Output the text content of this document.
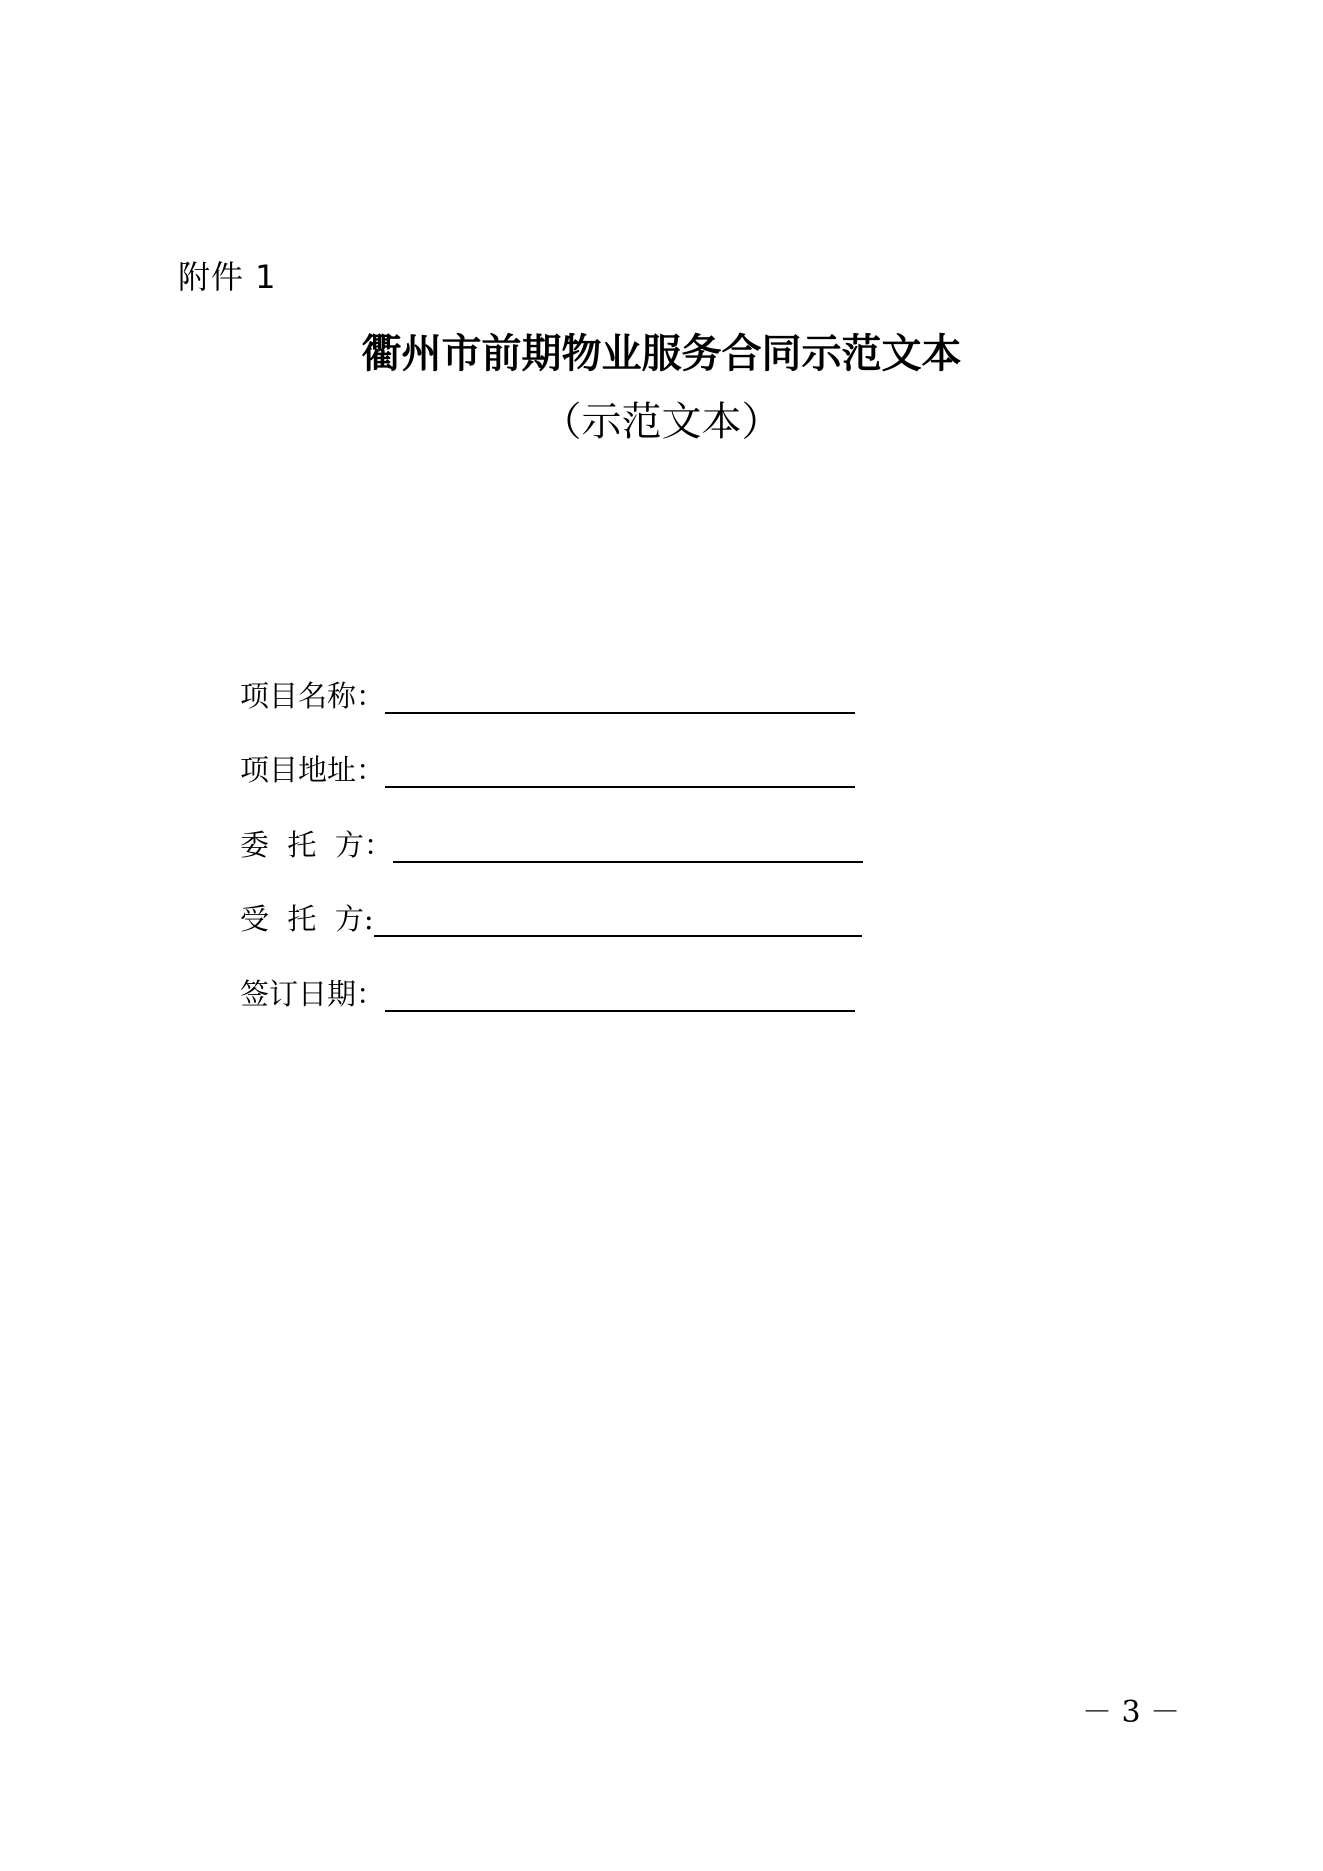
附件 1
衢州市前期物业服务合同示范文本
（示范文本）
项目名称：
项目地址：
委  托  方：
受  托  方:
签订日期：
－ 3 －
